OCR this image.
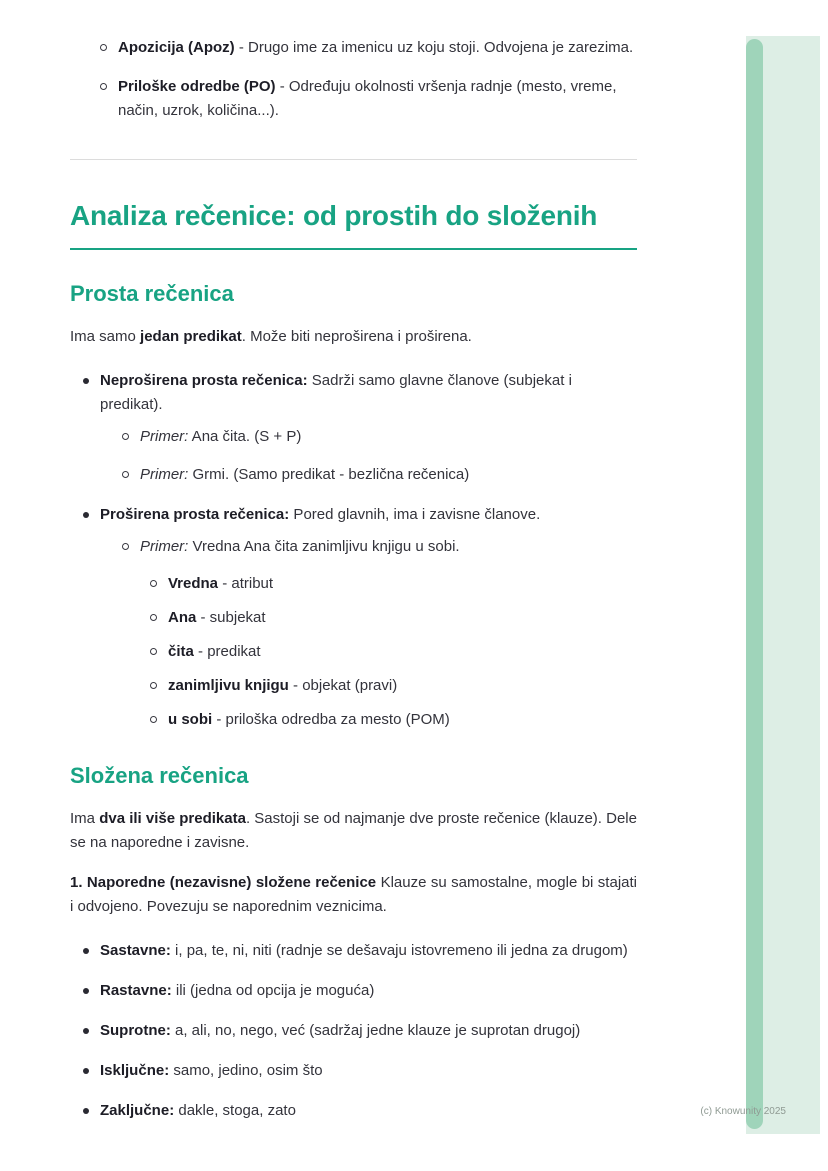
Apozicija (Apoz) - Drugo ime za imenicu uz koju stoji. Odvojena je zarezima.
Priloške odredbe (PO) - Određuju okolnosti vršenja radnje (mesto, vreme, način, uzrok, količina...).
Analiza rečenice: od prostih do složenih
Prosta rečenica

Ima samo jedan predikat. Može biti neproširena i proširena.

Neproširena prosta rečenica: Sadrži samo glavne članove (subjekat i predikat).
Primer: Ana čita. (S + P)
Primer: Grmi. (Samo predikat - bezlična rečenica)
Proširena prosta rečenica: Pored glavnih, ima i zavisne članove.
Primer: Vredna Ana čita zanimljivu knjigu u sobi.
Vredna - atribut
Ana - subjekat
čita - predikat
zanimljivu knjigu - objekat (pravi)
u sobi - priloška odredba za mesto (POM)
Složena rečenica

Ima dva ili više predikata. Sastoji se od najmanje dve proste rečenice (klauze). Dele se na naporedne i zavisne.

1. Naporedne (nezavisne) složene rečenice Klauze su samostalne, mogle bi stajati i odvojeno. Povezuju se naporednim veznicima.

Sastavne: i, pa, te, ni, niti (radnje se dešavaju istovremeno ili jedna za drugom)
Rastavne: ili (jedna od opcija je moguća)
Suprotne: a, ali, no, nego, već (sadržaj jedne klauze je suprotan drugoj)
Isključne: samo, jedino, osim što
Zaključne: dakle, stoga, zato	(c) Knowunity 2025
